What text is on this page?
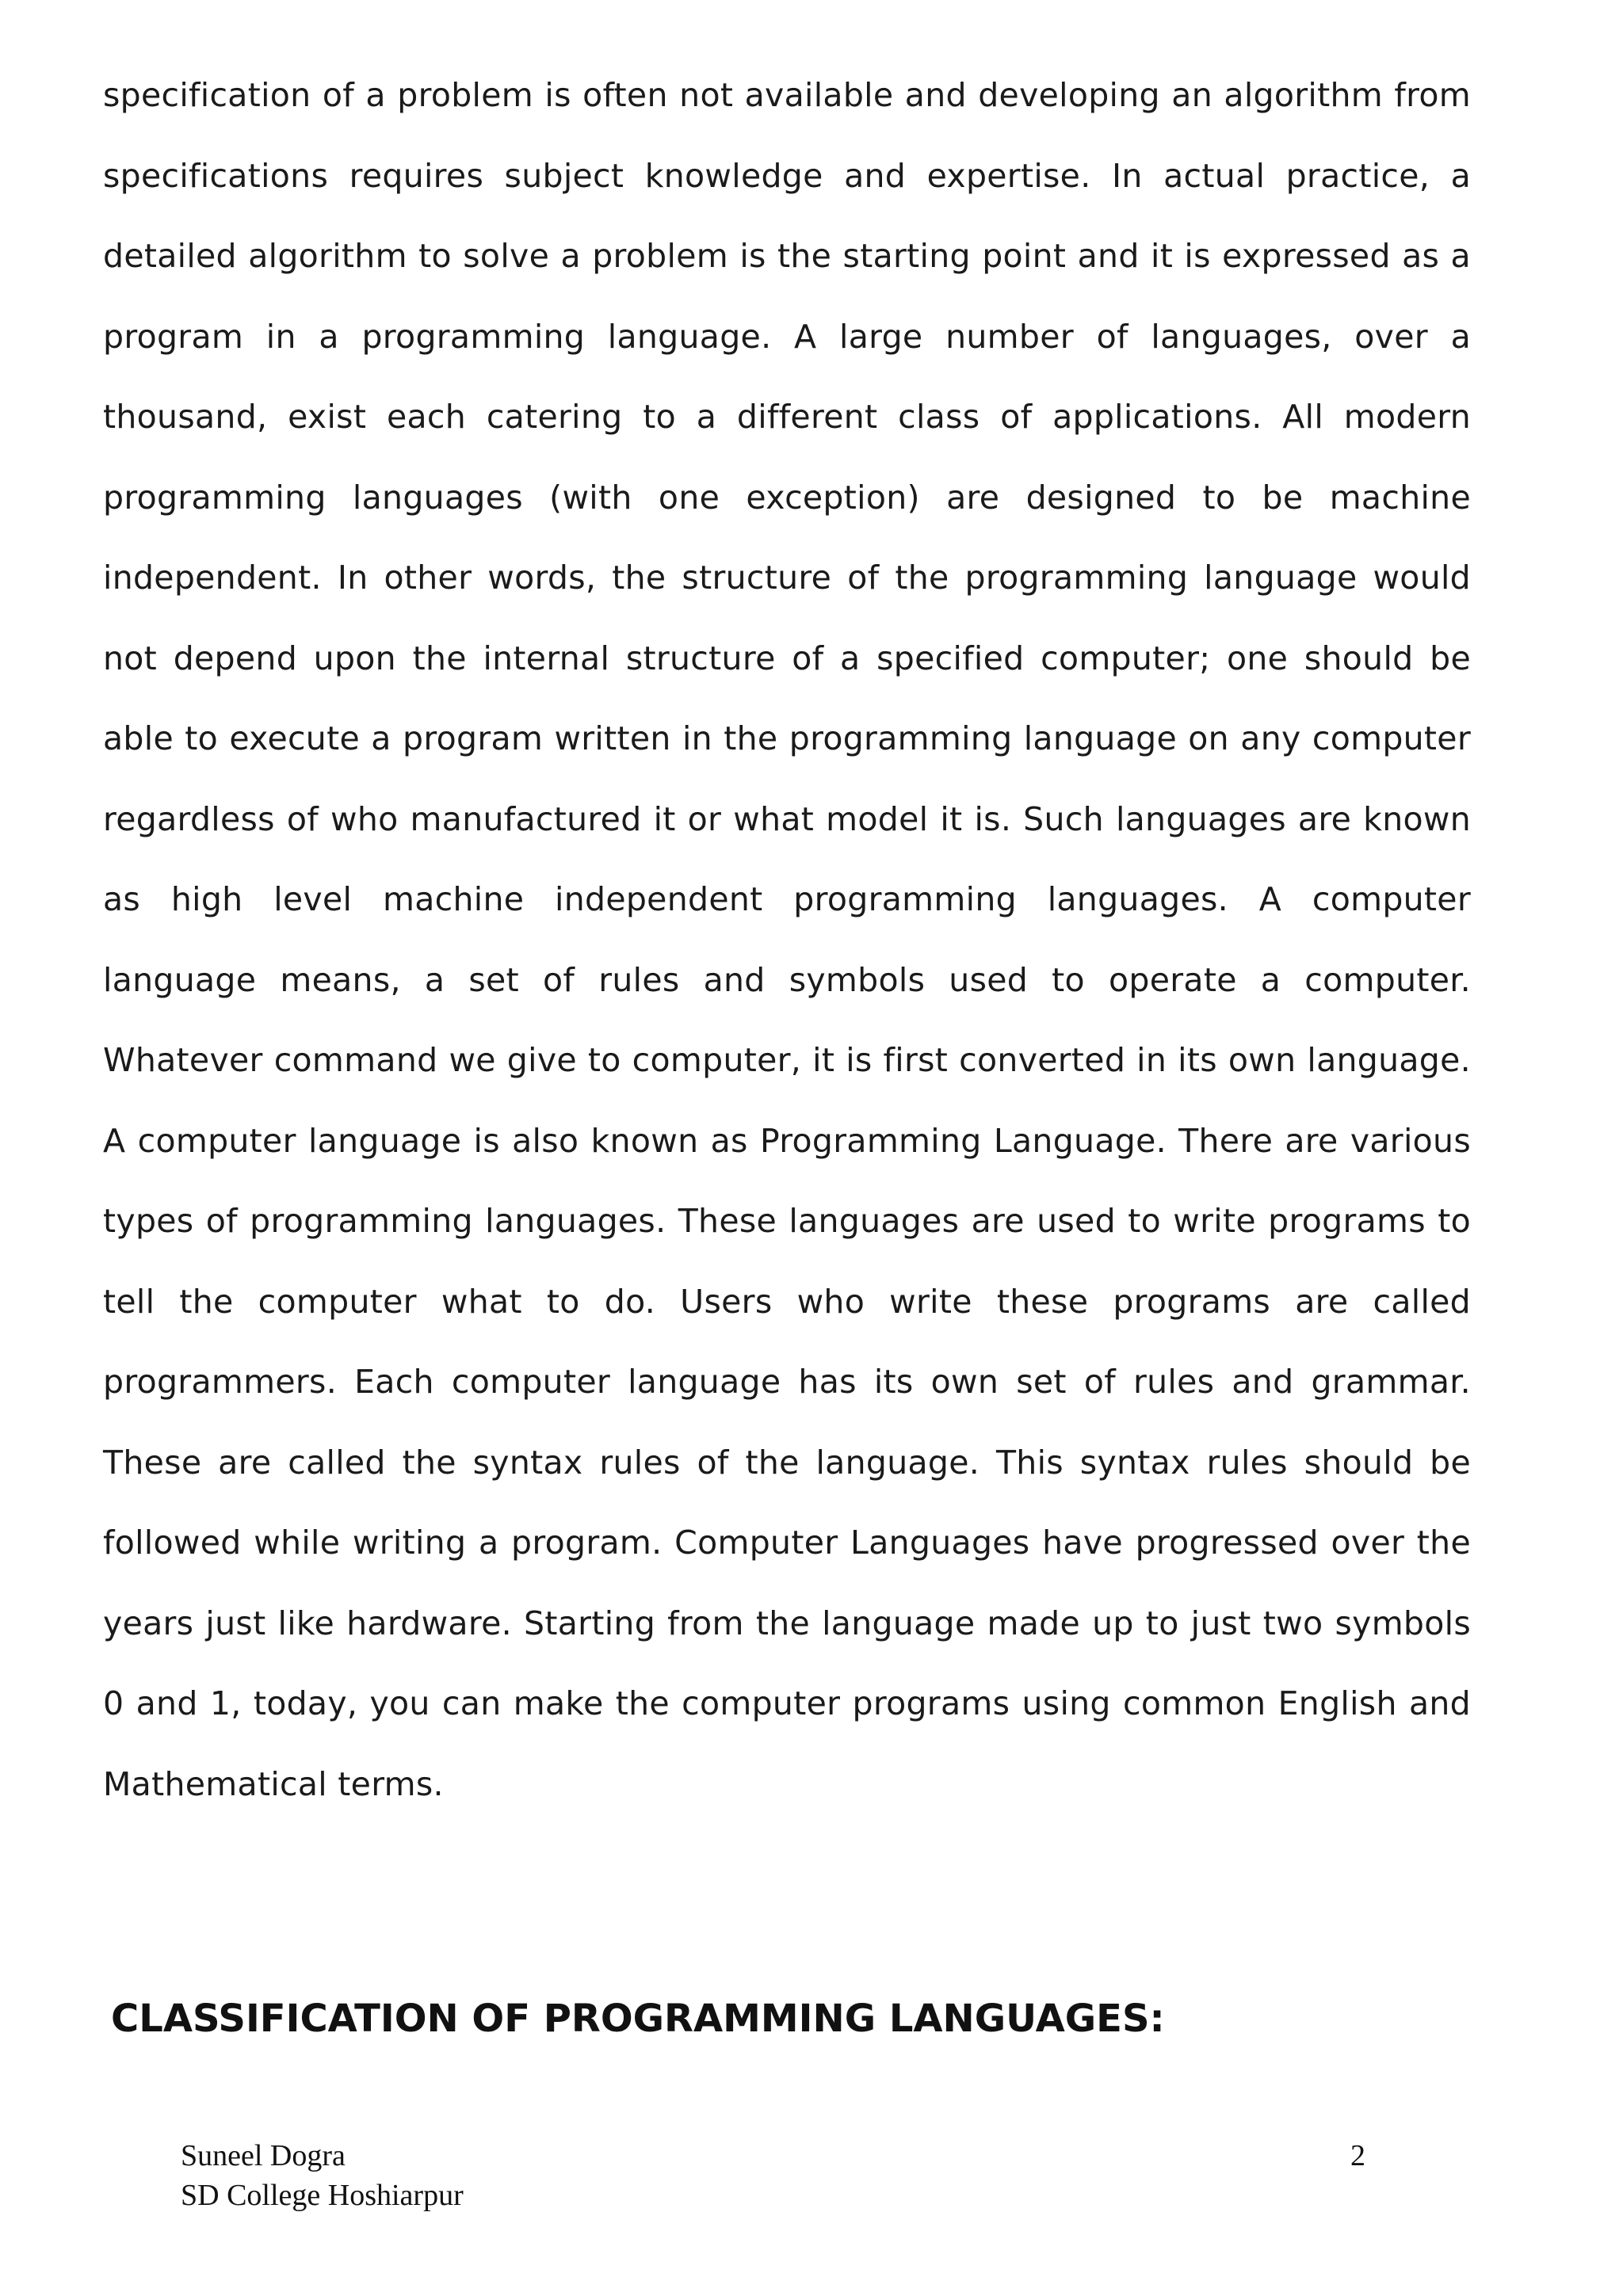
specification of a problem is often not available and developing an algorithm from specifications requires subject knowledge and expertise. In actual practice, a detailed algorithm to solve a problem is the starting point and it is expressed as a program in a programming language. A large number of languages, over a thousand, exist each catering to a different class of applications. All modern programming languages (with one exception) are designed to be machine independent. In other words, the structure of the programming language would not depend upon the internal structure of a specified computer; one should be able to execute a program written in the programming language on any computer regardless of who manufactured it or what model it is. Such languages are known as high level machine independent programming languages. A computer language means, a set of rules and symbols used to operate a computer. Whatever command we give to computer, it is first converted in its own language. A computer language is also known as Programming Language. There are various types of programming languages. These languages are used to write programs to tell the computer what to do. Users who write these programs are called programmers. Each computer language has its own set of rules and grammar. These are called the syntax rules of the language. This syntax rules should be followed while writing a program. Computer Languages have progressed over the years just like hardware. Starting from the language made up to just two symbols 0 and 1, today, you can make the computer programs using common English and Mathematical terms.

CLASSIFICATION OF PROGRAMMING LANGUAGES:
Suneel Dogra
SD College Hoshiarpur
2
